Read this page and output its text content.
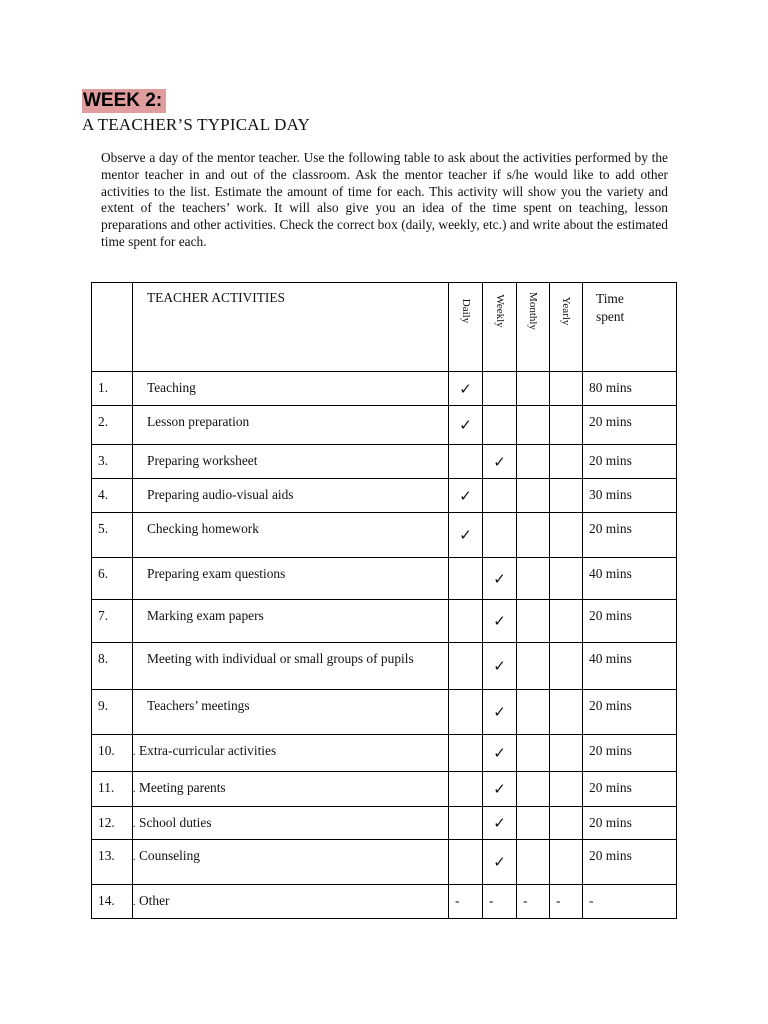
WEEK 2:
A TEACHER’S TYPICAL DAY
Observe a day of the mentor teacher. Use the following table to ask about the activities performed by the mentor teacher in and out of the classroom. Ask the mentor teacher if s/he would like to add other activities to the list. Estimate the amount of time for each. This activity will show you the variety and extent of the teachers’ work. It will also give you an idea of the time spent on teaching, lesson preparations and other activities. Check the correct box (daily, weekly, etc.) and write about the estimated time spent for each.
	TEACHER ACTIVITIES	Daily	Weekly	Monthly	Yearly	Time
spent
1.	Teaching	✓				80 mins
2.	Lesson preparation	✓				20 mins
3.	Preparing worksheet		✓			20 mins
4.	Preparing audio-visual aids	✓				30 mins
5.	Checking homework	✓				20 mins
6.	Preparing exam questions		✓			40 mins
7.	Marking exam papers		✓			20 mins
8.	Meeting with individual or small groups of pupils		✓			40 mins
9.	Teachers’ meetings		✓			20 mins
10.	. Extra-curricular activities		✓			20 mins
11.	. Meeting parents		✓			20 mins
12.	. School duties		✓			20 mins
13.	. Counseling		✓			20 mins
14.	. Other	-	-	-	-	-
